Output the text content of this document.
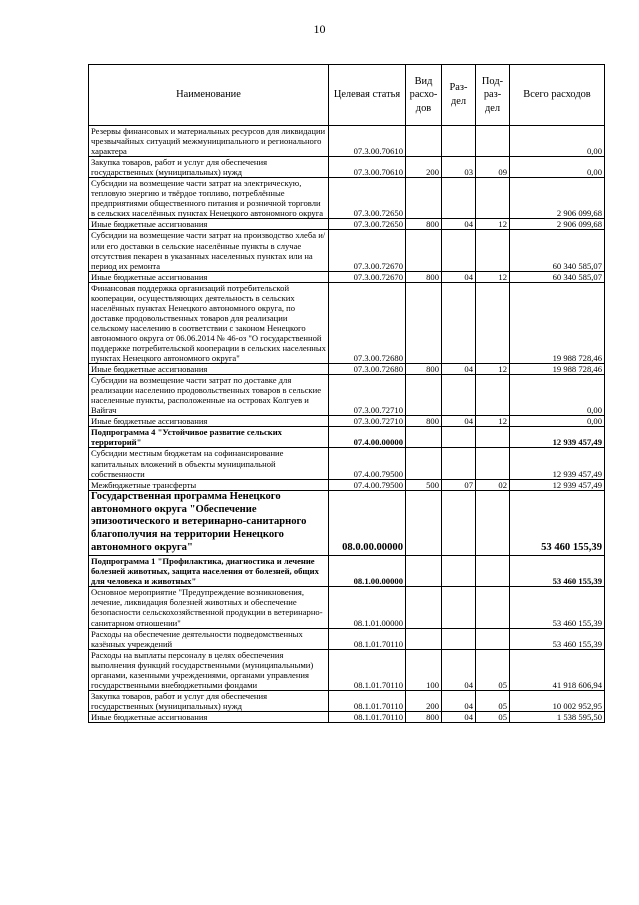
10
Наименование	Целевая статья	Вид расхо-дов	Раз-дел	Под-раз-дел	Всего расходов
Резервы финансовых и материальных ресурсов для ликвидации чрезвычайных ситуаций межмуниципального и регионального характера	07.3.00.70610				0,00
Закупка товаров, работ и услуг для обеспечения государственных (муниципальных) нужд	07.3.00.70610	200	03	09	0,00
Субсидии на возмещение части затрат на электрическую, тепловую энергию и твёрдое топливо, потреблённые предприятиями общественного питания и розничной торговли в сельских населённых пунктах Ненецкого автономного округа	07.3.00.72650				2 906 099,68
Иные бюджетные ассигнования	07.3.00.72650	800	04	12	2 906 099,68
Субсидии на возмещение части затрат на производство хлеба и/или его доставки в сельские населённые пункты в случае отсутствия пекарен в указанных населенных пунктах или на период их ремонта	07.3.00.72670				60 340 585,07
Иные бюджетные ассигнования	07.3.00.72670	800	04	12	60 340 585,07
Финансовая поддержка организаций потребительской кооперации, осуществляющих деятельность в сельских населённых пунктах Ненецкого автономного округа, по доставке продовольственных товаров для реализации сельскому населению в соответствии с законом Ненецкого автономного округа от 06.06.2014 № 46-оз "О государственной поддержке потребительской кооперации в сельских населенных пунктах Ненецкого автономного округа"	07.3.00.72680				19 988 728,46
Иные бюджетные ассигнования	07.3.00.72680	800	04	12	19 988 728,46
Субсидии на возмещение части затрат по доставке для реализации населению продовольственных товаров в сельские населенные пункты, расположенные на островах Колгуев и Вайгач	07.3.00.72710				0,00
Иные бюджетные ассигнования	07.3.00.72710	800	04	12	0,00
Подпрограмма 4 "Устойчивое развитие сельских территорий"	07.4.00.00000				12 939 457,49
Субсидии местным бюджетам на софинансирование капитальных вложений в объекты муниципальной собственности	07.4.00.79500				12 939 457,49
Межбюджетные трансферты	07.4.00.79500	500	07	02	12 939 457,49
Государственная программа Ненецкого автономного округа "Обеспечение эпизоотического и ветеринарно-санитарного благополучия на территории Ненецкого автономного округа"	08.0.00.00000				53 460 155,39
Подпрограмма 1 "Профилактика, диагностика и лечение болезней животных, защита населения от болезней, общих для человека и животных"	08.1.00.00000				53 460 155,39
Основное мероприятие "Предупреждение возникновения, лечение, ликвидация болезней животных и обеспечение безопасности сельскохозяйственной продукции в ветеринарно-санитарном отношении"	08.1.01.00000				53 460 155,39
Расходы на обеспечение деятельности подведомственных казённых учреждений	08.1.01.70110				53 460 155,39
Расходы на выплаты персоналу в целях обеспечения выполнения функций государственными (муниципальными) органами, казенными учреждениями, органами управления государственными внебюджетными фондами	08.1.01.70110	100	04	05	41 918 606,94
Закупка товаров, работ и услуг для обеспечения государственных (муниципальных) нужд	08.1.01.70110	200	04	05	10 002 952,95
Иные бюджетные ассигнования	08.1.01.70110	800	04	05	1 538 595,50
